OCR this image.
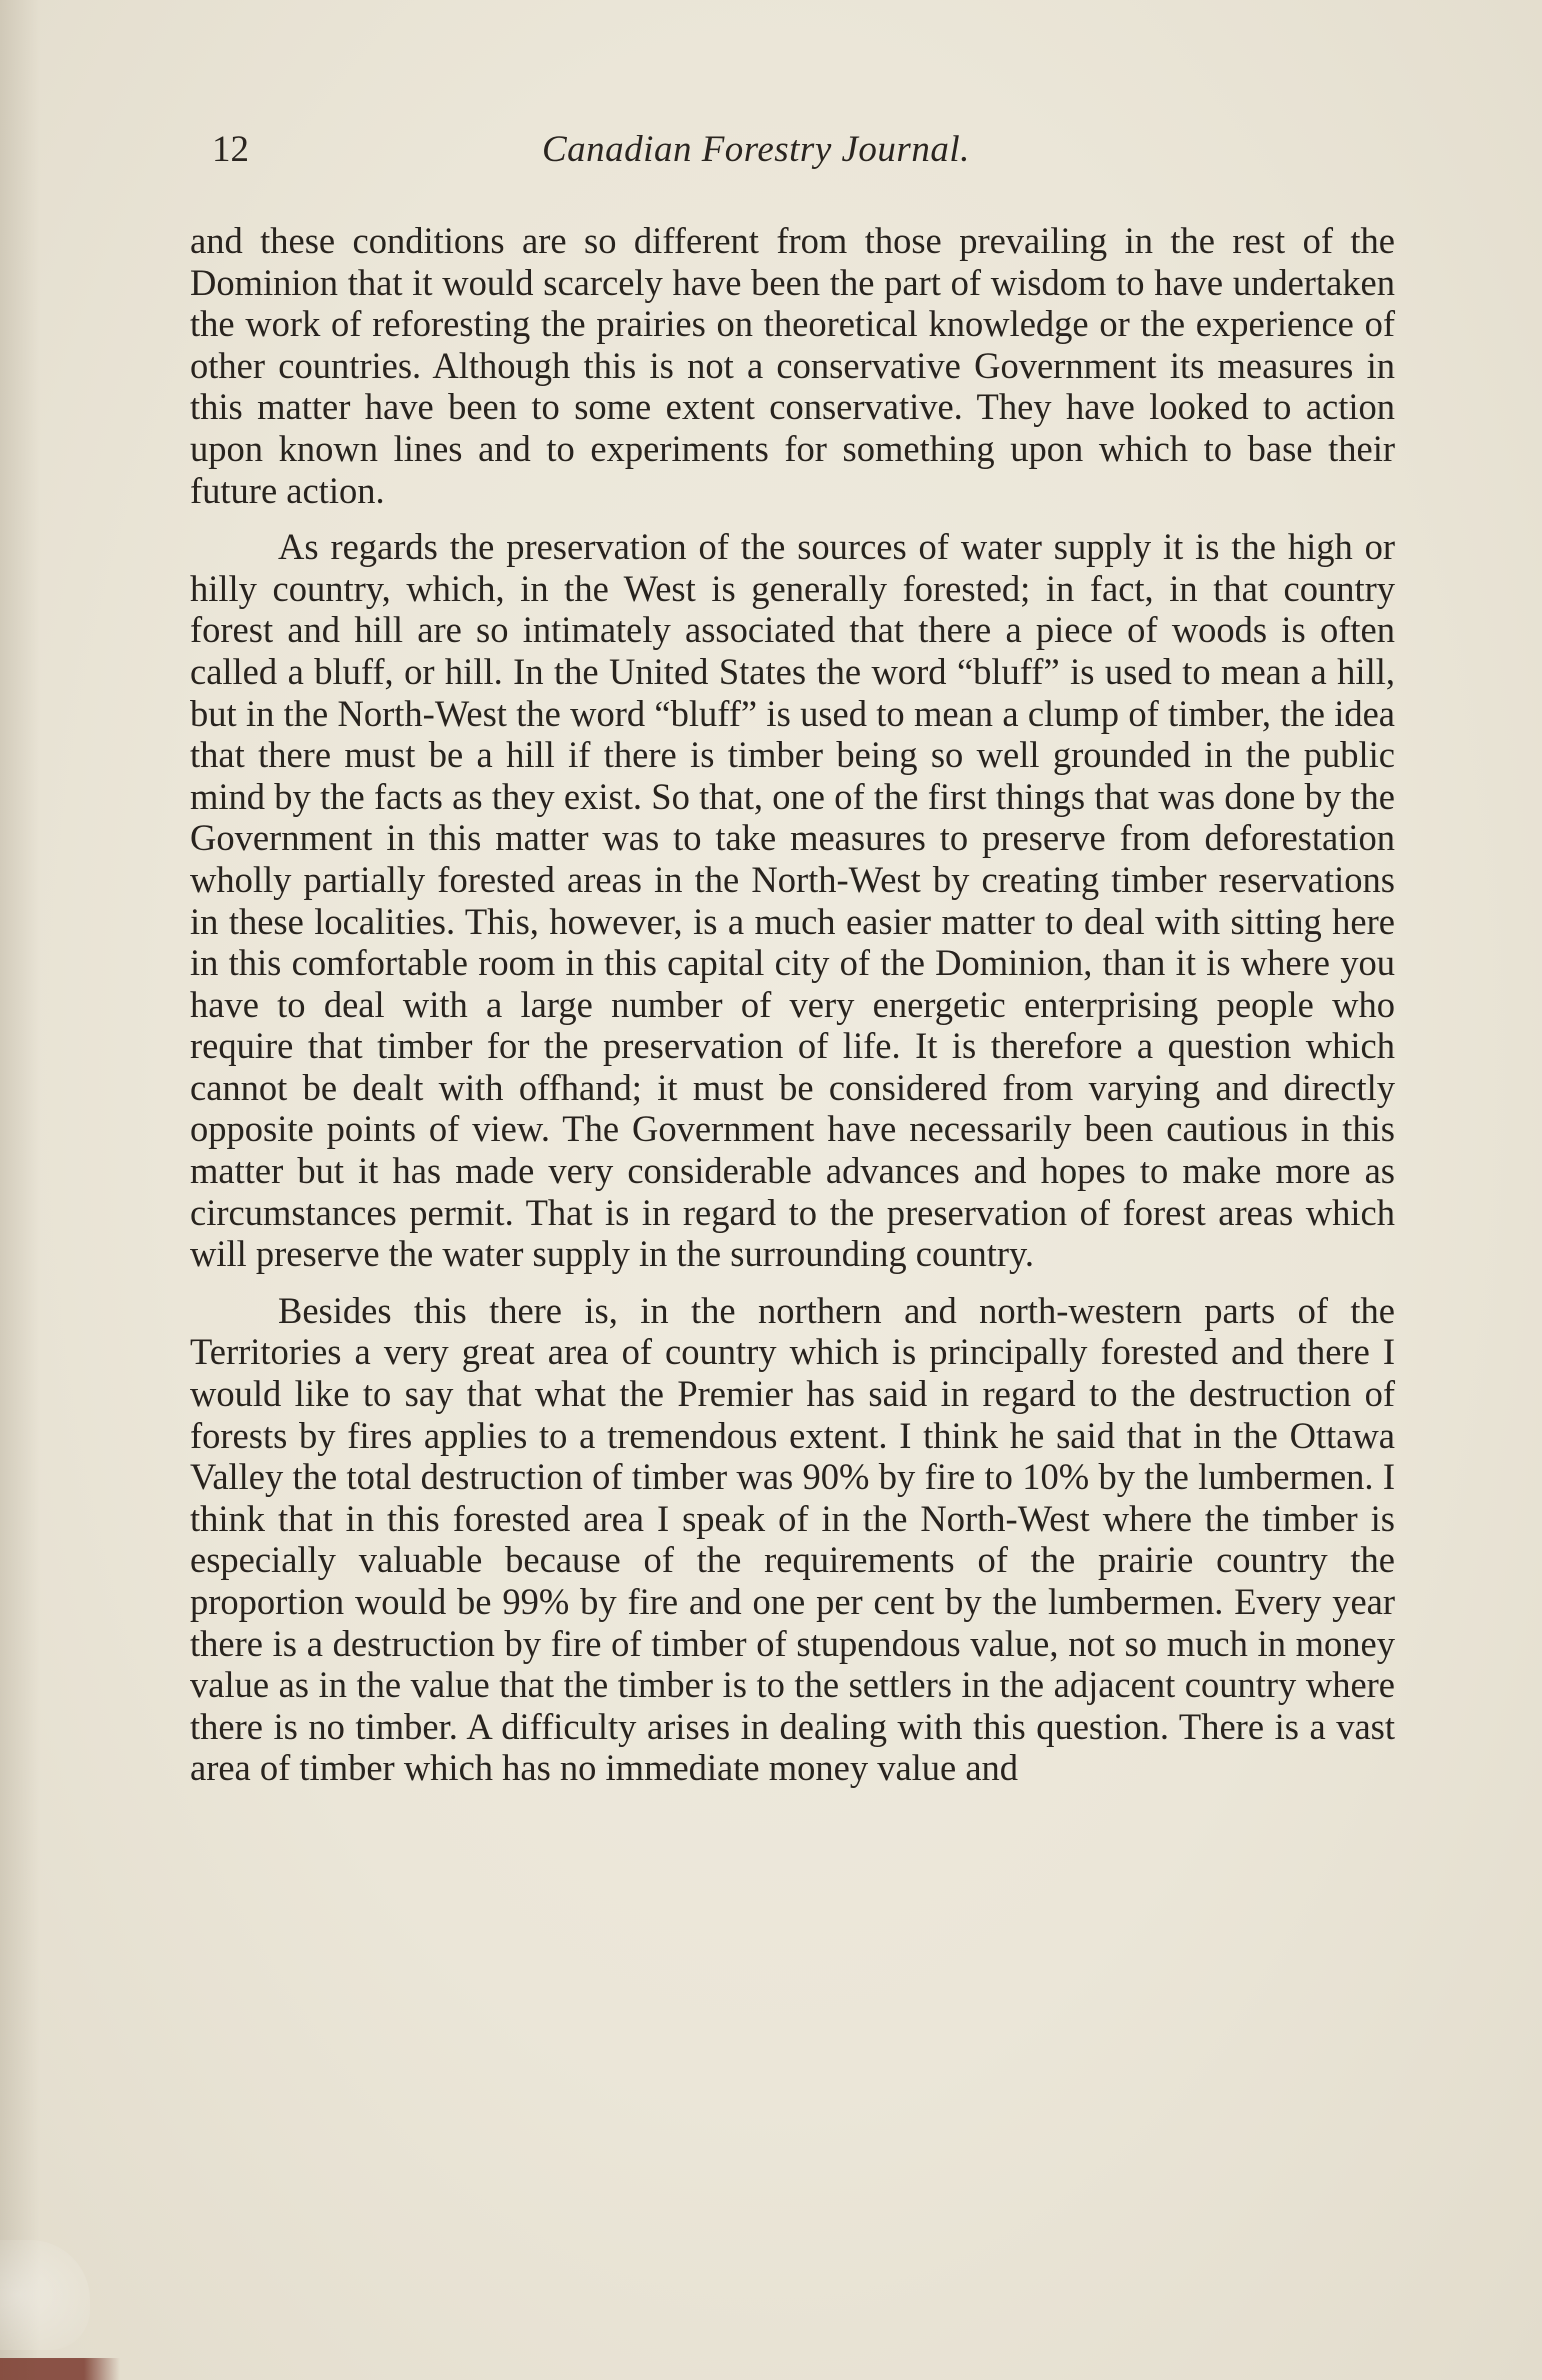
12	Canadian Forestry Journal.

and these conditions are so different from those prevailing in the rest of the Dominion that it would scarcely have been the part of wisdom to have undertaken the work of reforesting the prairies on theoretical knowledge or the experience of other countries. Although this is not a conservative Government its measures in this matter have been to some extent conservative. They have looked to action upon known lines and to experiments for something upon which to base their future action.

As regards the preservation of the sources of water supply it is the high or hilly country, which, in the West is generally forested; in fact, in that country forest and hill are so intimately associated that there a piece of woods is often called a bluff, or hill. In the United States the word “bluff” is used to mean a hill, but in the North-West the word “bluff” is used to mean a clump of timber, the idea that there must be a hill if there is timber being so well grounded in the public mind by the facts as they exist. So that, one of the first things that was done by the Government in this matter was to take measures to preserve from deforestation wholly partially forested areas in the North-West by creating timber reservations in these localities. This, however, is a much easier matter to deal with sitting here in this comfortable room in this capital city of the Dominion, than it is where you have to deal with a large number of very energetic enterprising people who require that timber for the preservation of life. It is therefore a question which cannot be dealt with offhand; it must be considered from varying and directly opposite points of view. The Government have necessarily been cautious in this matter but it has made very considerable advances and hopes to make more as circumstances permit. That is in regard to the preservation of forest areas which will preserve the water supply in the surrounding country.

Besides this there is, in the northern and north-western parts of the Territories a very great area of country which is principally forested and there I would like to say that what the Premier has said in regard to the destruction of forests by fires applies to a tremendous extent. I think he said that in the Ottawa Valley the total destruction of timber was 90% by fire to 10% by the lumbermen. I think that in this forested area I speak of in the North-West where the timber is especially valuable because of the requirements of the prairie country the proportion would be 99% by fire and one per cent by the lumbermen. Every year there is a destruction by fire of timber of stupendous value, not so much in money value as in the value that the timber is to the settlers in the adjacent country where there is no timber. A difficulty arises in dealing with this question. There is a vast area of timber which has no immediate money value and
